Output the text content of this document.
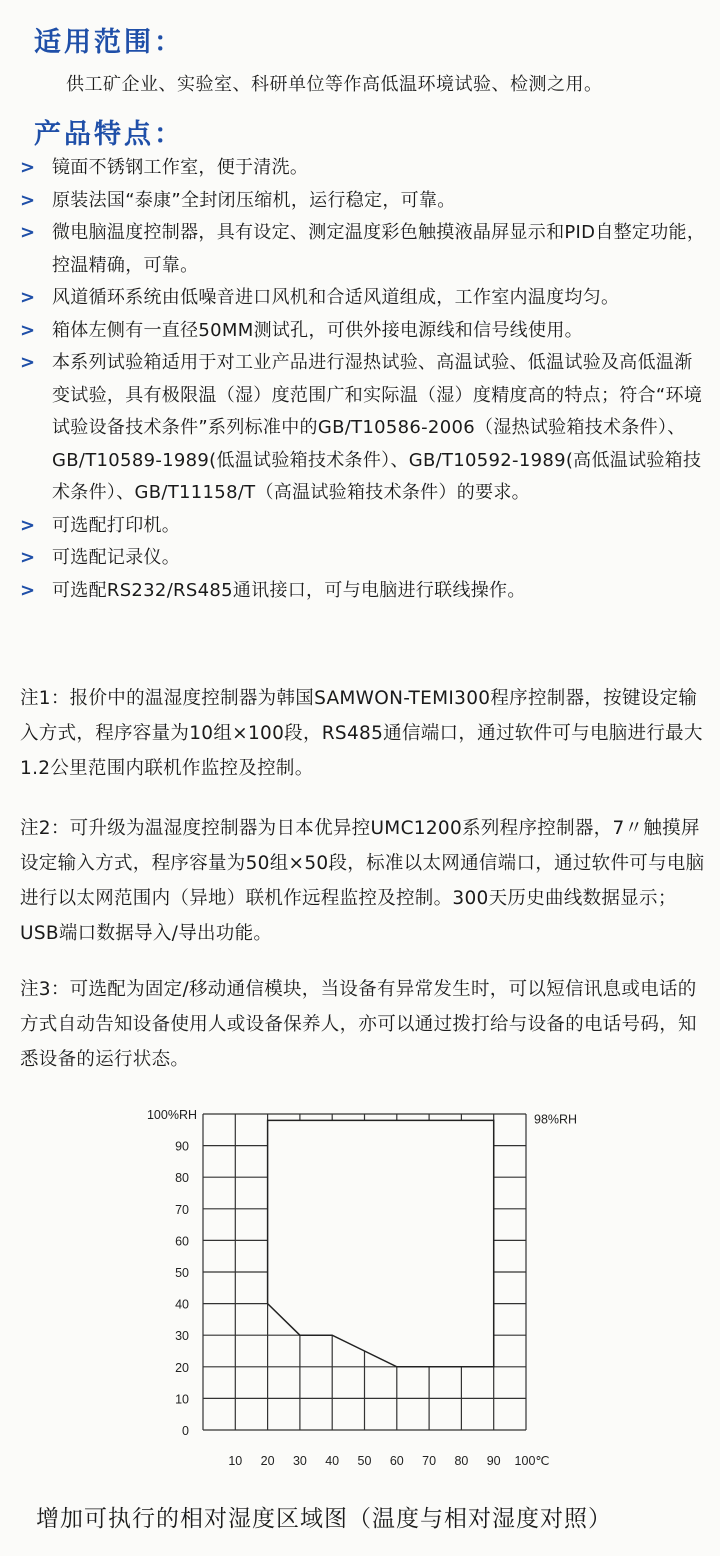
适用范围：
供工矿企业、实验室、科研单位等作高低温环境试验、检测之用。
产品特点：
> 镜面不锈钢工作室，便于清洗。
> 原装法国“泰康”全封闭压缩机，运行稳定，可靠。
> 微电脑温度控制器，具有设定、测定温度彩色触摸液晶屏显示和PID自整定功能，控温精确，可靠。
> 风道循环系统由低噪音进口风机和合适风道组成，工作室内温度均匀。
> 箱体左侧有一直径50MM测试孔，可供外接电源线和信号线使用。
> 本系列试验箱适用于对工业产品进行湿热试验、高温试验、低温试验及高低温渐变试验，具有极限温（湿）度范围广和实际温（湿）度精度高的特点；符合“环境试验设备技术条件”系列标准中的GB/T10586-2006（湿热试验箱技术条件）、GB/T10589-1989(低温试验箱技术条件）、GB/T10592-1989(高低温试验箱技术条件）、GB/T11158/T（高温试验箱技术条件）的要求。
> 可选配打印机。
> 可选配记录仪。
> 可选配RS232/RS485通讯接口，可与电脑进行联线操作。

注1：报价中的温湿度控制器为韩国SAMWON-TEMI300程序控制器，按键设定输入方式，程序容量为10组×100段，RS485通信端口，通过软件可与电脑进行最大1.2公里范围内联机作监控及控制。

注2：可升级为温湿度控制器为日本优异控UMC1200系列程序控制器，7〃触摸屏设定输入方式，程序容量为50组×50段，标准以太网通信端口，通过软件可与电脑进行以太网范围内（异地）联机作远程监控及控制。300天历史曲线数据显示；USB端口数据导入/导出功能。

注3：可选配为固定/移动通信模块，当设备有异常发生时，可以短信讯息或电话的方式自动告知设备使用人或设备保养人，亦可以通过拨打给与设备的电话号码，知悉设备的运行状态。

0
10
20
30
40
50
60
70
80
90
100%RH
10 20 30 40 50 60 70 80 90 100℃
98%RH
增加可执行的相对湿度区域图（温度与相对湿度对照）
